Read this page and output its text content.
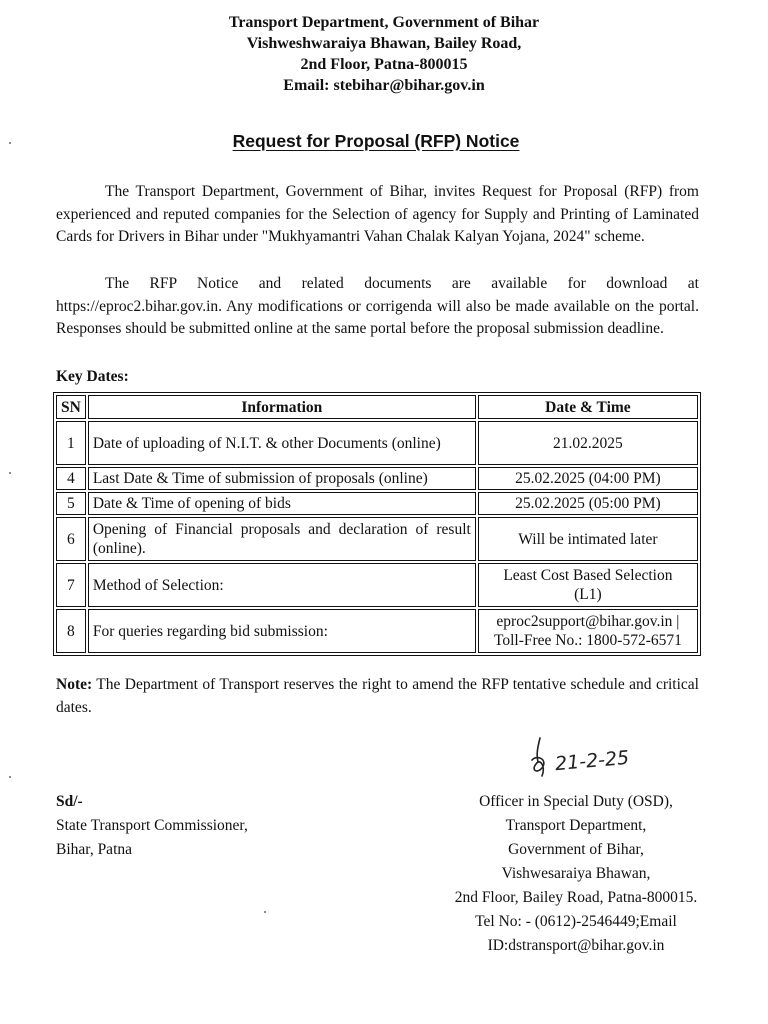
Transport Department, Government of Bihar
Vishweshwaraiya Bhawan, Bailey Road,
2nd Floor, Patna-800015
Email: stebihar@bihar.gov.in
Request for Proposal (RFP) Notice

The Transport Department, Government of Bihar, invites Request for Proposal (RFP) from experienced and reputed companies for the Selection of agency for Supply and Printing of Laminated Cards for Drivers in Bihar under "Mukhyamantri Vahan Chalak Kalyan Yojana, 2024" scheme.

The RFP Notice and related documents are available for download at https://eproc2.bihar.gov.in. Any modifications or corrigenda will also be made available on the portal. Responses should be submitted online at the same portal before the proposal submission deadline.

Key Dates:
SN	Information	Date & Time
1	Date of uploading of N.I.T. & other Documents (online)	21.02.2025
4	Last Date & Time of submission of proposals (online)	25.02.2025 (04:00 PM)
5	Date & Time of opening of bids	25.02.2025 (05:00 PM)
6	Opening of Financial proposals and declaration of result (online).	Will be intimated later
7	Method of Selection:	Least Cost Based Selection
(L1)

8	For queries regarding bid submission:	eproc2support@bihar.gov.in |
Toll-Free No.: 1800-572-6571

Note: The Department of Transport reserves the right to amend the RFP tentative schedule and critical dates.

21-2-25
Sd/-
State Transport Commissioner,
Bihar, Patna
Officer in Special Duty (OSD),
Transport Department,
Government of Bihar,
Vishwesaraiya Bhawan,
2nd Floor, Bailey Road, Patna-800015.
Tel No: - (0612)-2546449;Email
ID:dstransport@bihar.gov.in
